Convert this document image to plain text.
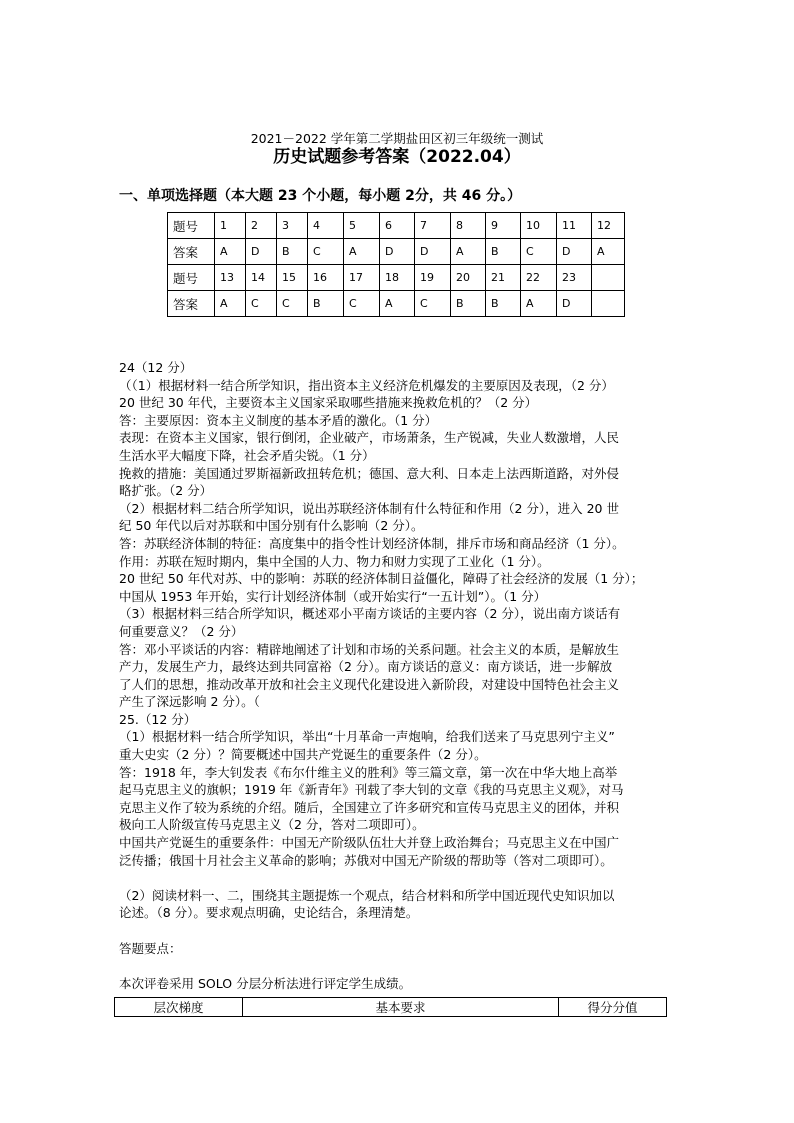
2021－2022 学年第二学期盐田区初三年级统一测试
历史试题参考答案（2022.04）
一、单项选择题（本大题 23 个小题，每小题 2分，共 46 分。）
题号	1	2	3	4	5	6	7	8	9	10	11	12
答案	A	D	B	C	A	D	D	A	B	C	D	A
题号	13	14	15	16	17	18	19	20	21	22	23	
答案	A	C	C	B	C	A	C	B	B	A	D	
24（12 分）
（（1）根据材料一结合所学知识，指出资本主义经济危机爆发的主要原因及表现，（2 分）
20 世纪 30 年代，主要资本主义国家采取哪些措施来挽救危机的？（2 分）
答：主要原因：资本主义制度的基本矛盾的激化。（1 分）
表现：在资本主义国家，银行倒闭，企业破产，市场萧条，生产锐减，失业人数激增，人民
生活水平大幅度下降，社会矛盾尖锐。（1 分）
挽救的措施：美国通过罗斯福新政扭转危机；德国、意大利、日本走上法西斯道路，对外侵
略扩张。（2 分）
（2）根据材料二结合所学知识，说出苏联经济体制有什么特征和作用（2 分），进入 20 世
纪 50 年代以后对苏联和中国分别有什么影响（2 分）。
答：苏联经济体制的特征：高度集中的指令性计划经济体制，排斥市场和商品经济（1 分）。
作用：苏联在短时期内，集中全国的人力、物力和财力实现了工业化（1 分）。
20 世纪 50 年代对苏、中的影响：苏联的经济体制日益僵化，障碍了社会经济的发展（1 分）；
中国从 1953 年开始，实行计划经济体制（或开始实行“一五计划”）。（1 分）
（3）根据材料三结合所学知识，概述邓小平南方谈话的主要内容（2 分），说出南方谈话有
何重要意义？（2 分）
答：邓小平谈话的内容：精辟地阐述了计划和市场的关系问题。社会主义的本质，是解放生
产力，发展生产力，最终达到共同富裕（2 分）。南方谈话的意义：南方谈话，进一步解放
了人们的思想，推动改革开放和社会主义现代化建设进入新阶段，对建设中国特色社会主义
产生了深远影响 2 分）。（
25.（12 分）
（1）根据材料一结合所学知识，举出“十月革命一声炮响，给我们送来了马克思列宁主义”
重大史实（2 分）？简要概述中国共产党诞生的重要条件（2 分）。
答：1918 年，李大钊发表《布尔什维主义的胜利》等三篇文章，第一次在中华大地上高举
起马克思主义的旗帜；1919 年《新青年》刊载了李大钊的文章《我的马克思主义观》，对马
克思主义作了较为系统的介绍。随后，全国建立了许多研究和宣传马克思主义的团体，并积
极向工人阶级宣传马克思主义（2 分，答对二项即可）。
中国共产党诞生的重要条件：中国无产阶级队伍壮大并登上政治舞台；马克思主义在中国广
泛传播；俄国十月社会主义革命的影响；苏俄对中国无产阶级的帮助等（答对二项即可）。
（2）阅读材料一、二，围绕其主题提炼一个观点，结合材料和所学中国近现代史知识加以
论述。（8 分）。要求观点明确，史论结合，条理清楚。
答题要点：
本次评卷采用 SOLO 分层分析法进行评定学生成绩。
层次梯度	基本要求	得分分值
